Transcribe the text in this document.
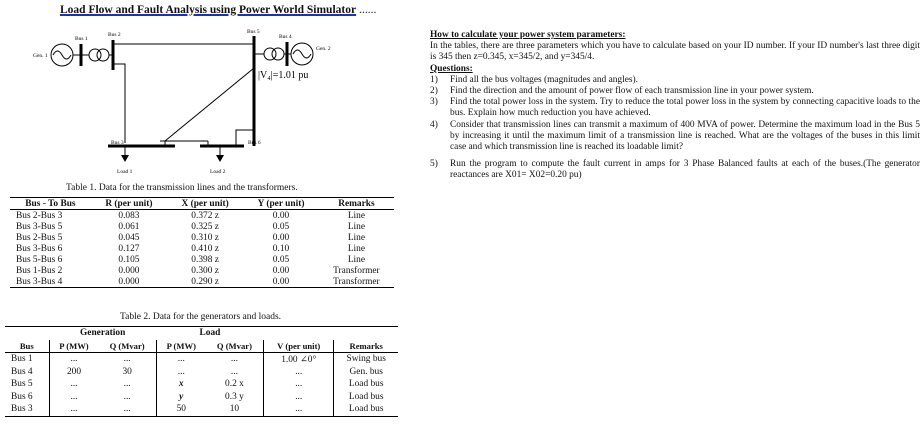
Load Flow and Fault Analysis using Power World Simulator ......
Gen. 1
Bus 1
Bus 2	Bus 5
Bus 4
Gen. 2
Bus 3	Bus 6
Load 1	Load 2
|V₄|=1.01 pu
Table 1. Data for the transmission lines and the transformers.
Bus - To Bus	R (per unit)	X (per unit)	Y (per unit)	Remarks
Bus 2-Bus 3	0.083	0.372 z	0.00	Line
Bus 3-Bus 5	0.061	0.325 z	0.05	Line
Bus 2-Bus 5	0.045	0.310 z	0.00	Line
Bus 3-Bus 6	0.127	0.410 z	0.10	Line
Bus 5-Bus 6	0.105	0.398 z	0.05	Line
Bus 1-Bus 2	0.000	0.300 z	0.00	Transformer
Bus 3-Bus 4	0.000	0.290 z	0.00	Transformer
Table 2. Data for the generators and loads.
	Generation		Load			
Bus	P (MW)	Q (Mvar)	P (MW)	Q (Mvar)	V (per unit)	Remarks
Bus 1	...	...	...	...	1.00 ∠0°	Swing bus
Bus 4	200	30	...	...	...	Gen. bus
Bus 5	...	...	x	0.2 x	...	Load bus
Bus 6	...	...	y	0.3 y	...	Load bus
Bus 3	...	...	50	10	...	Load bus
How to calculate your power system parameters:
In the tables, there are three parameters which you have to calculate based on your ID number. If your ID number's last three digit is 345 then z=0.345, x=345/2, and y=345/4.
Questions:
1) Find all the bus voltages (magnitudes and angles).
2) Find the direction and the amount of power flow of each transmission line in your power system.
3) Find the total power loss in the system. Try to reduce the total power loss in the system by connecting capacitive loads to the bus. Explain how much reduction you have achieved.
4) Consider that transmission lines can transmit a maximum of 400 MVA of power. Determine the maximum load in the Bus 5 by increasing it until the maximum limit of a transmission line is reached. What are the voltages of the buses in this limit case and which transmission line is reached its loadable limit?
5) Run the program to compute the fault current in amps for 3 Phase Balanced faults at each of the buses.(The generator reactances are X01= X02=0.20 pu)
